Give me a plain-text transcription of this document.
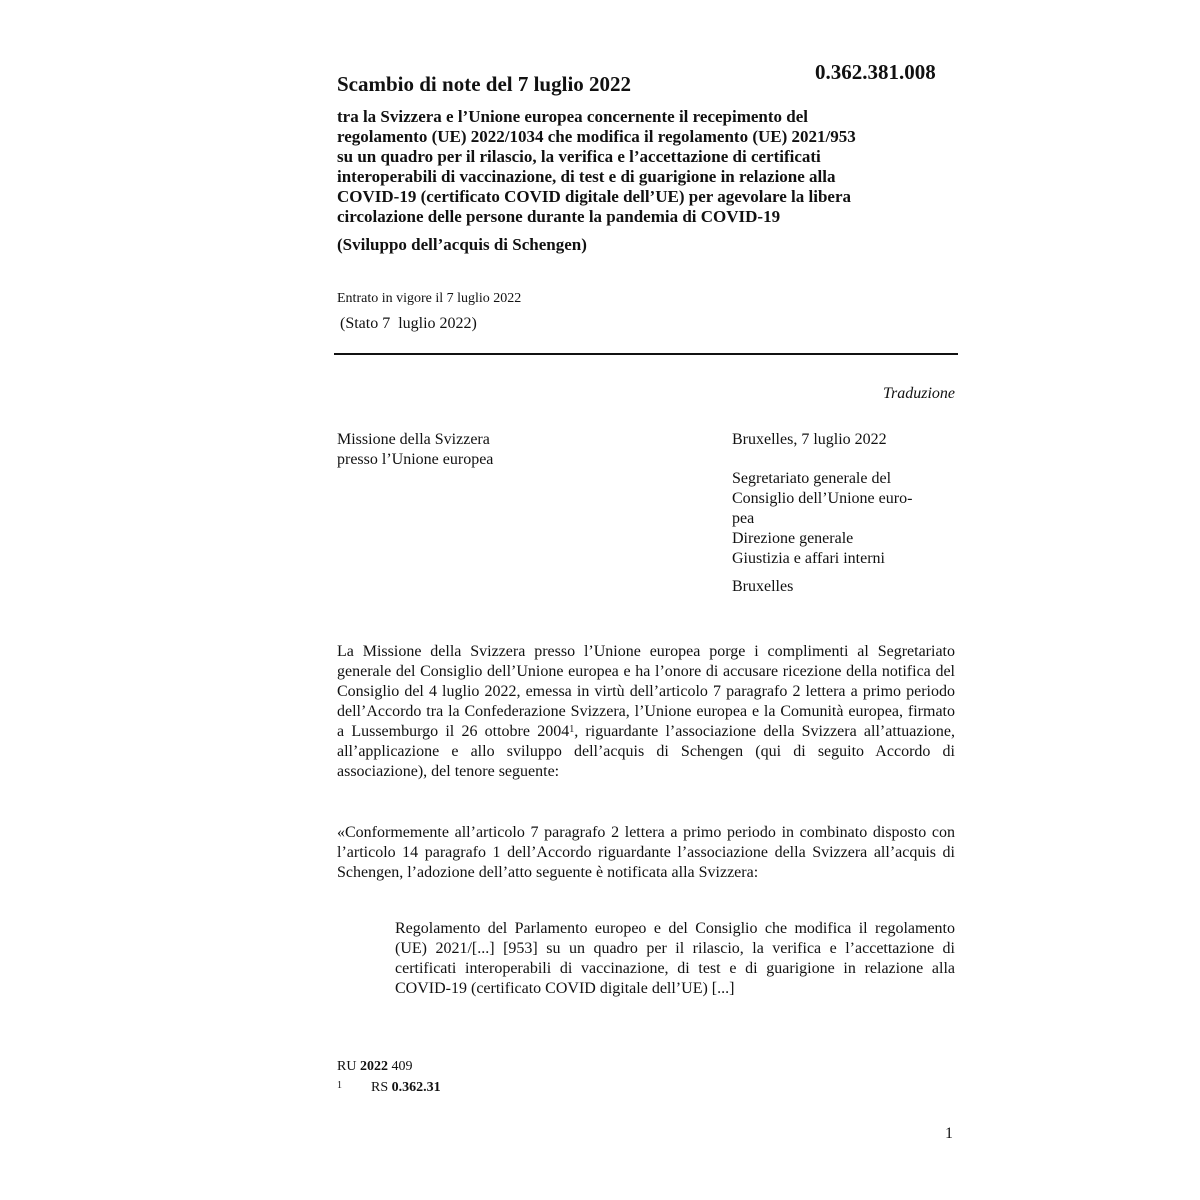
0.362.381.008
Scambio di note del 7 luglio 2022
tra la Svizzera e l’Unione europea concernente il recepimento del
regolamento (UE) 2022/1034 che modifica il regolamento (UE) 2021/953
su un quadro per il rilascio, la verifica e l’accettazione di certificati
interoperabili di vaccinazione, di test e di guarigione in relazione alla
COVID-19 (certificato COVID digitale dell’UE) per agevolare la libera
circolazione delle persone durante la pandemia di COVID-19
(Sviluppo dell’acquis di Schengen)
Entrato in vigore il 7 luglio 2022
(Stato 7  luglio 2022)
Traduzione
Missione della Svizzera
presso l’Unione europea
Bruxelles, 7 luglio 2022
Segretariato generale del
Consiglio dell’Unione euro-
pea
Direzione generale
Giustizia e affari interni
Bruxelles
La Missione della Svizzera presso l’Unione europea porge i complimenti al Segretariato generale del Consiglio dell’Unione europea e ha l’onore di accusare ricezione della notifica del Consiglio del 4 luglio 2022, emessa in virtù dell’articolo 7 paragrafo 2 lettera a primo periodo dell’Accordo tra la Confederazione Svizzera, l’Unione europea e la Comunità europea, firmato a Lussemburgo il 26 ottobre 2004$^1$, riguardante l’associazione della Svizzera all’attuazione, all’applicazione e allo sviluppo dell’acquis di Schengen (qui di seguito Accordo di associazione), del tenore seguente:
«Conformemente all’articolo 7 paragrafo 2 lettera a primo periodo in combinato disposto con l’articolo 14 paragrafo 1 dell’Accordo riguardante l’associazione della Svizzera all’acquis di Schengen, l’adozione dell’atto seguente è notificata alla Svizzera:
Regolamento del Parlamento europeo e del Consiglio che modifica il regolamento (UE) 2021/[...] [953] su un quadro per il rilascio, la verifica e l’accettazione di certificati interoperabili di vaccinazione, di test e di guarigione in relazione alla COVID-19 (certificato COVID digitale dell’UE) [...]
RU 2022 409
1 RS 0.362.31
1
